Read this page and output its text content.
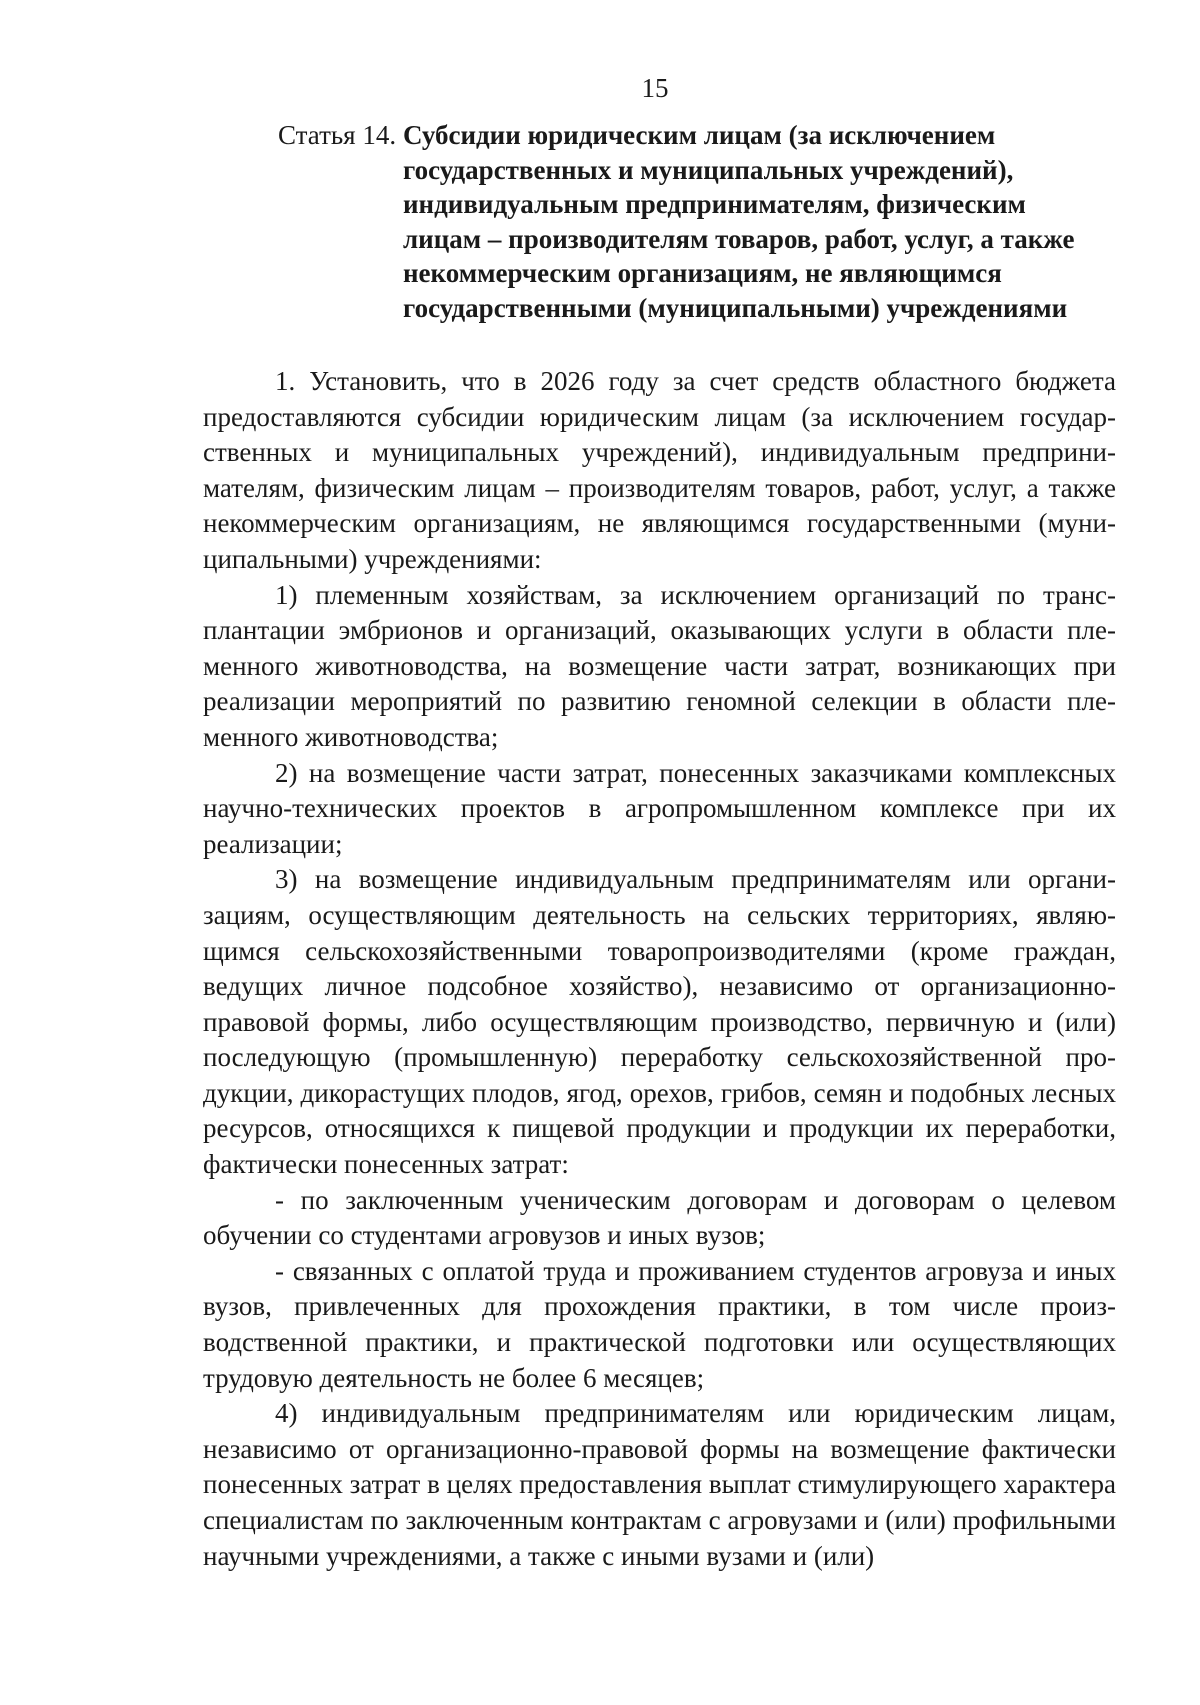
15
Статья 14. Субсидии юридическим лицам (за исключением
государственных и муниципальных учреждений),
индивидуальным предпринимателям, физическим
лицам – производителям товаров, работ, услуг, а также
некоммерческим организациям, не являющимся
государственными (муниципальными) учреждениями

1. Установить, что в 2026 году за счет средств областного бюджета предоставляются субсидии юридическим лицам (за исключением государственных и муниципальных учреждений), индивидуальным предпринимателям, физическим лицам – производителям товаров, работ, услуг, а также некоммерческим организациям, не являющимся государственными (муниципальными) учреждениями:

1) племенным хозяйствам, за исключением организаций по трансплантации эмбрионов и организаций, оказывающих услуги в области племенного животноводства, на возмещение части затрат, возникающих при реализации мероприятий по развитию геномной селекции в области племенного животноводства;

2) на возмещение части затрат, понесенных заказчиками комплексных научно-технических проектов в агропромышленном комплексе при их реализации;

3) на возмещение индивидуальным предпринимателям или организациям, осуществляющим деятельность на сельских территориях, являющимся сельскохозяйственными товаропроизводителями (кроме граждан, ведущих личное подсобное хозяйство), независимо от организационно-правовой формы, либо осуществляющим производство, первичную и (или) последующую (промышленную) переработку сельскохозяйственной продукции, дикорастущих плодов, ягод, орехов, грибов, семян и подобных лесных ресурсов, относящихся к пищевой продукции и продукции их переработки, фактически понесенных затрат:

- по заключенным ученическим договорам и договорам о целевом обучении со студентами агровузов и иных вузов;

- связанных с оплатой труда и проживанием студентов агровуза и иных вузов, привлеченных для прохождения практики, в том числе производственной практики, и практической подготовки или осуществляющих трудовую деятельность не более 6 месяцев;

4) индивидуальным предпринимателям или юридическим лицам, независимо от организационно-правовой формы на возмещение фактически понесенных затрат в целях предоставления выплат стимулирующего характера специалистам по заключенным контрактам с агровузами и (или) профильными научными учреждениями, а также с иными вузами и (или)
